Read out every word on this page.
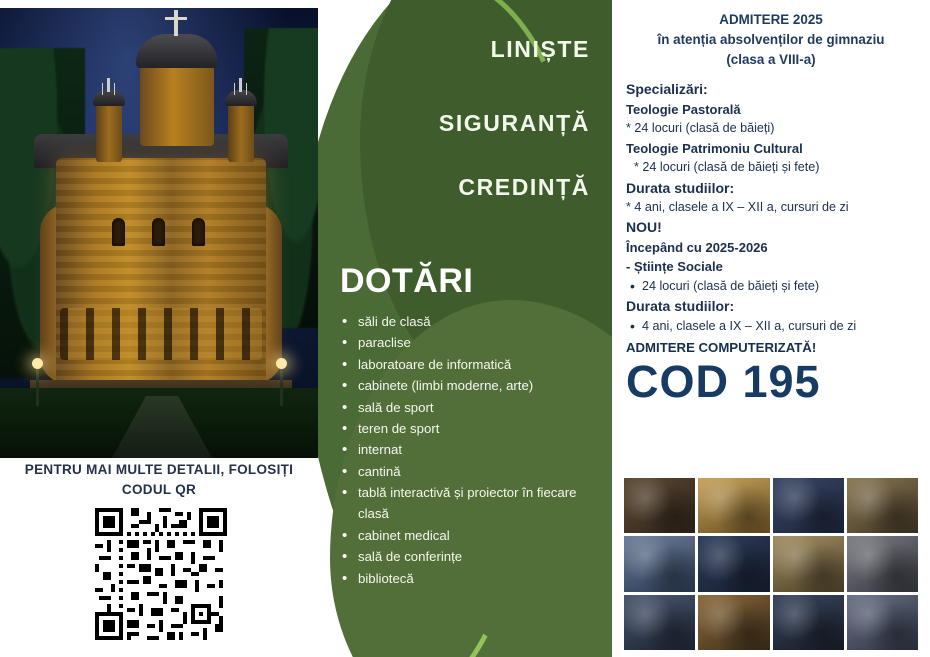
PENTRU MAI MULTE DETALII, FOLOSIȚI CODUL QR
LINIȘTE
SIGURANȚĂ
CREDINȚĂ
DOTĂRI
• săli de clasă
• paraclise
• laboratoare de informatică
• cabinete (limbi moderne, arte)
• sală de sport
• teren de sport
• internat
• cantină
• tablă interactivă și proiector în fiecare clasă
• cabinet medical
• sală de conferințe
• bibliotecă
ADMITERE 2025
în atenția absolvenților de gimnaziu
(clasa a VIII-a)
Specializări:
Teologie Pastorală
* 24 locuri (clasă de băieți)
Teologie Patrimoniu Cultural
* 24 locuri (clasă de băieți și fete)
Durata studiilor:
* 4 ani, clasele a IX – XII a, cursuri de zi
NOU!
Începând cu 2025-2026
- Științe Sociale
• 24 locuri (clasă de băieți și fete)
Durata studiilor:
• 4 ani, clasele a IX – XII a, cursuri de zi
ADMITERE COMPUTERIZATĂ!
COD 195
